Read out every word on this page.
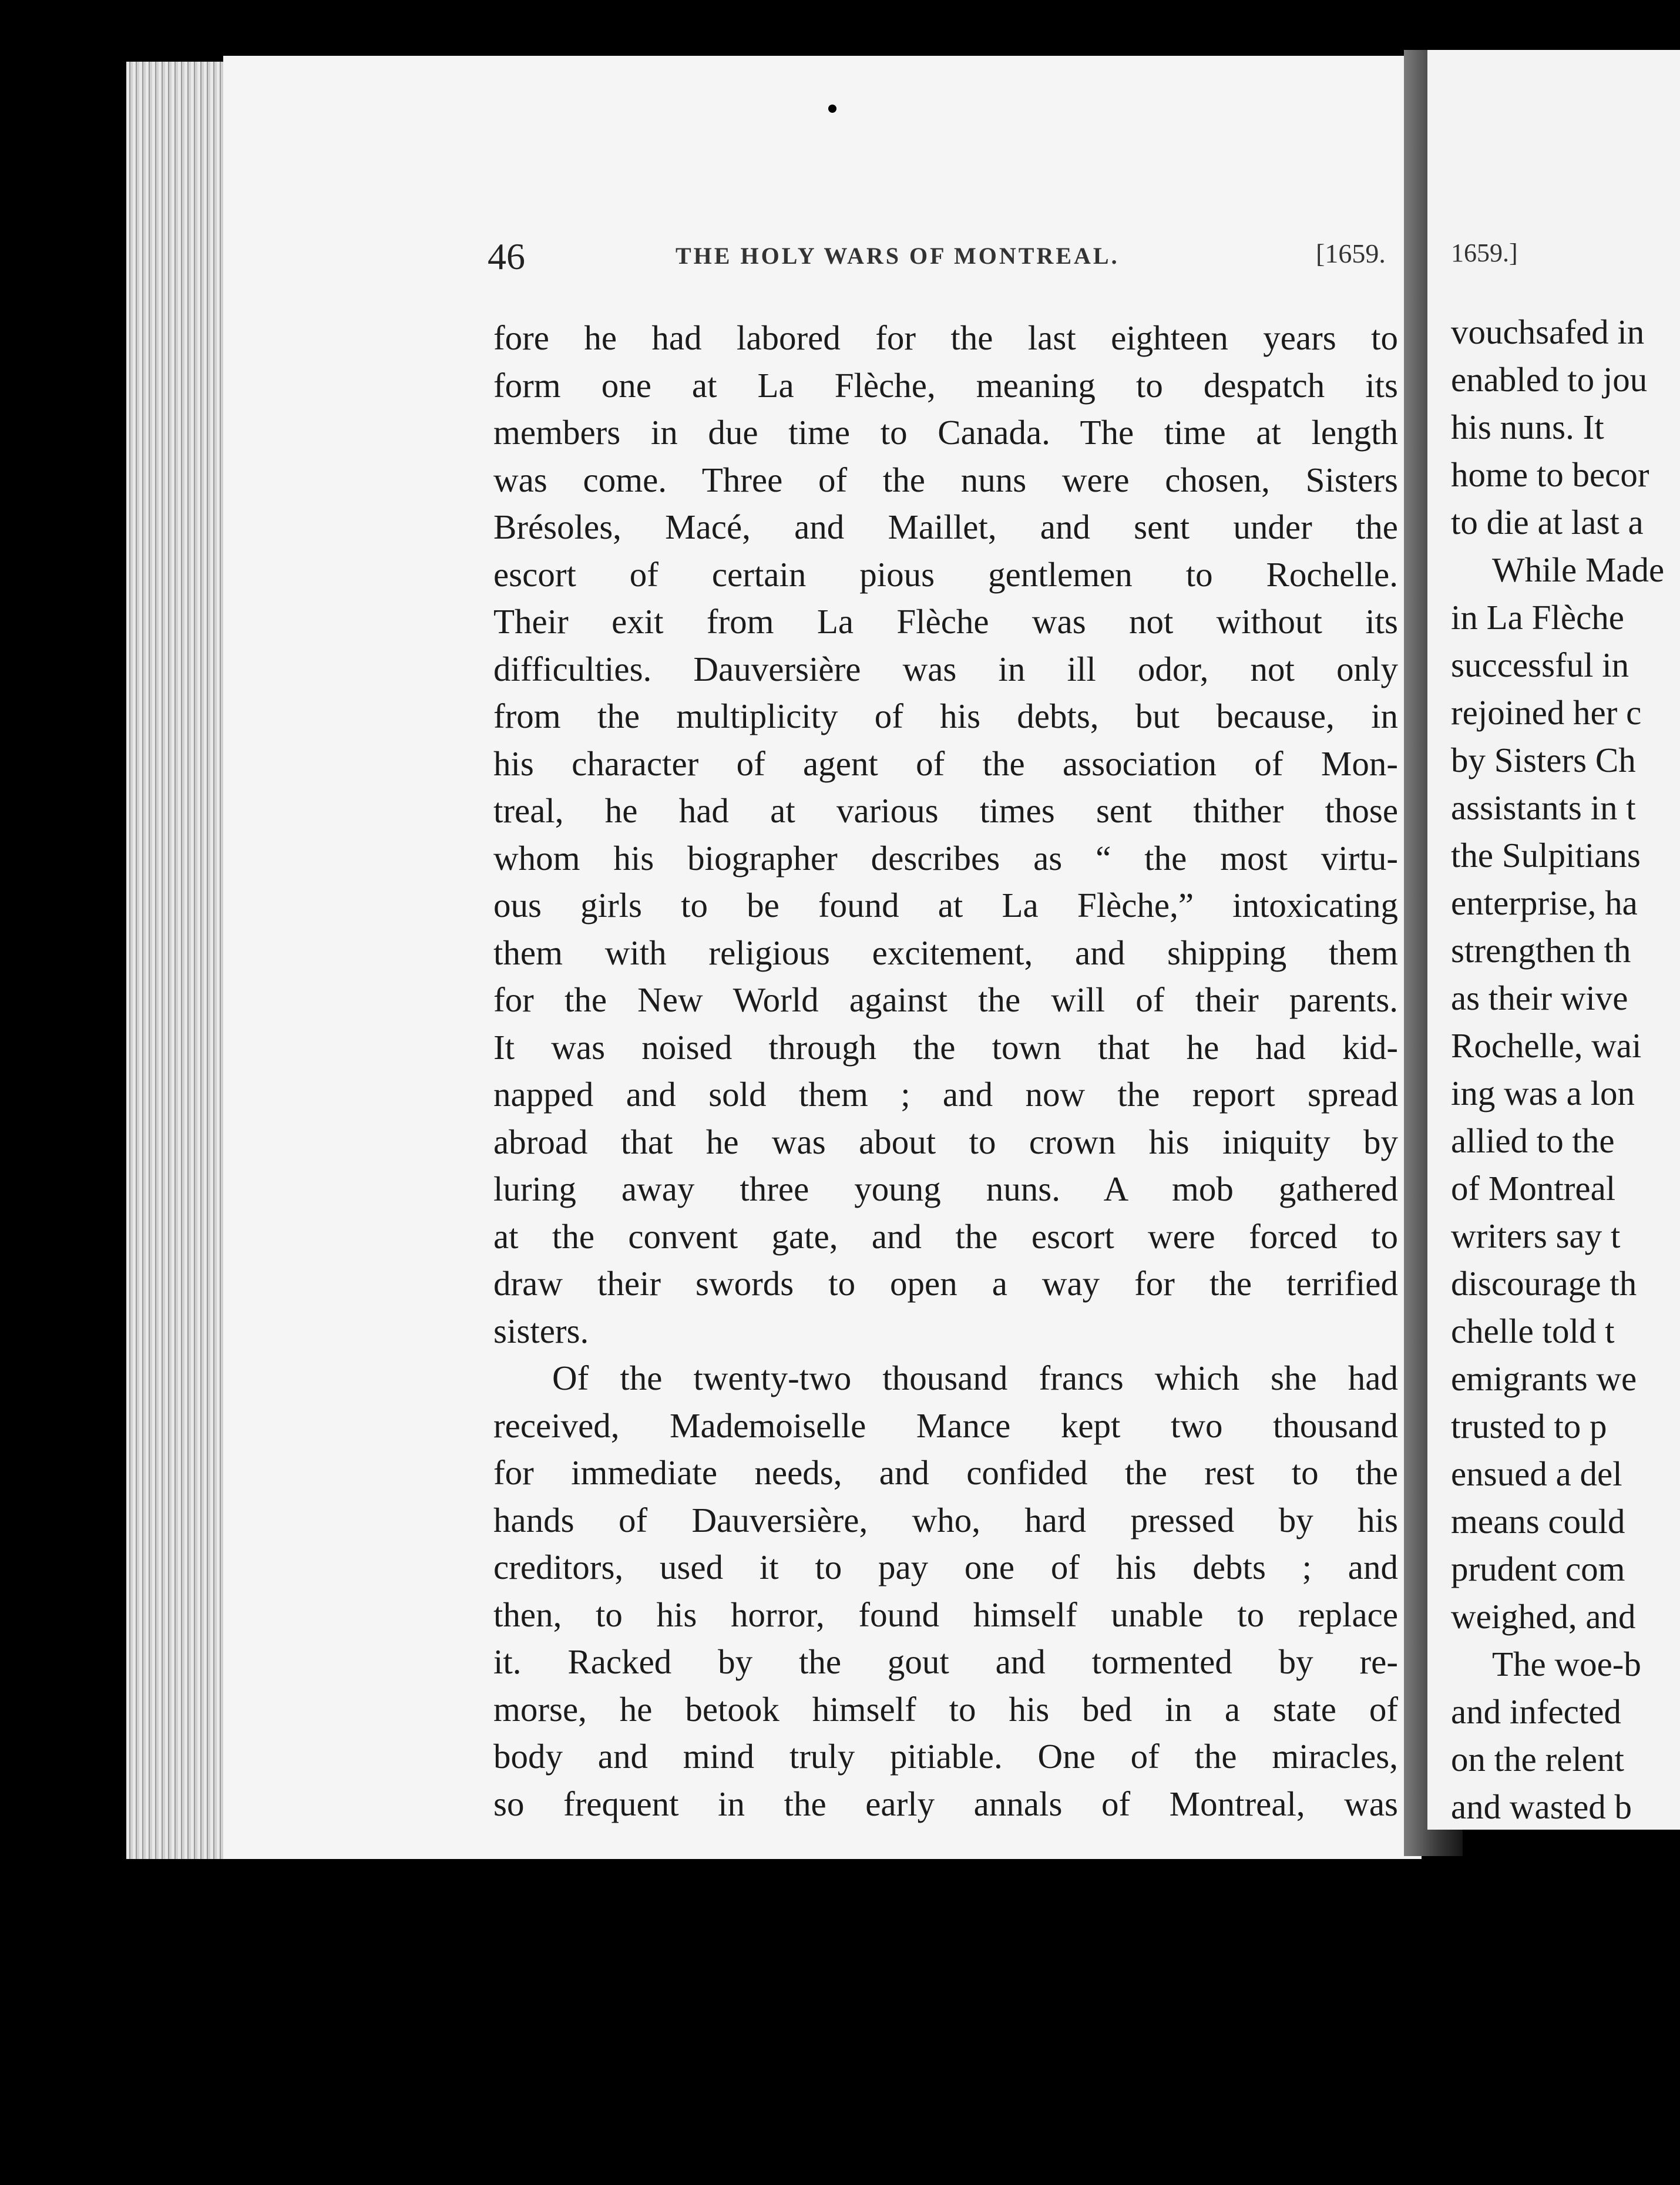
46	THE HOLY WARS OF MONTREAL.	[1659.
fore he had labored for the last eighteen years to
form one at La Flèche, meaning to despatch its
members in due time to Canada. The time at length
was come. Three of the nuns were chosen, Sisters
Brésoles, Macé, and Maillet, and sent under the
escort of certain pious gentlemen to Rochelle.
Their exit from La Flèche was not without its
difficulties. Dauversière was in ill odor, not only
from the multiplicity of his debts, but because, in
his character of agent of the association of Mon-
treal, he had at various times sent thither those
whom his biographer describes as “ the most virtu-
ous girls to be found at La Flèche,” intoxicating
them with religious excitement, and shipping them
for the New World against the will of their parents.
It was noised through the town that he had kid-
napped and sold them ; and now the report spread
abroad that he was about to crown his iniquity by
luring away three young nuns. A mob gathered
at the convent gate, and the escort were forced to
draw their swords to open a way for the terrified
sisters.
Of the twenty-two thousand francs which she had
received, Mademoiselle Mance kept two thousand
for immediate needs, and confided the rest to the
hands of Dauversière, who, hard pressed by his
creditors, used it to pay one of his debts ; and
then, to his horror, found himself unable to replace
it. Racked by the gout and tormented by re-
morse, he betook himself to his bed in a state of
body and mind truly pitiable. One of the miracles,
so frequent in the early annals of Montreal, was
1659.]
vouchsafed in
enabled to jou
his nuns. It
home to becor
to die at last a
While Made
in La Flèche
successful in
rejoined her c
by Sisters Ch
assistants in t
the Sulpitians
enterprise, ha
strengthen th
as their wive
Rochelle, wai
ing was a lon
allied to the
of Montreal
writers say t
discourage th
chelle told t
emigrants we
trusted to p
ensued a del
means could
prudent com
weighed, and
The woe-b
and infected
on the relent
and wasted b
